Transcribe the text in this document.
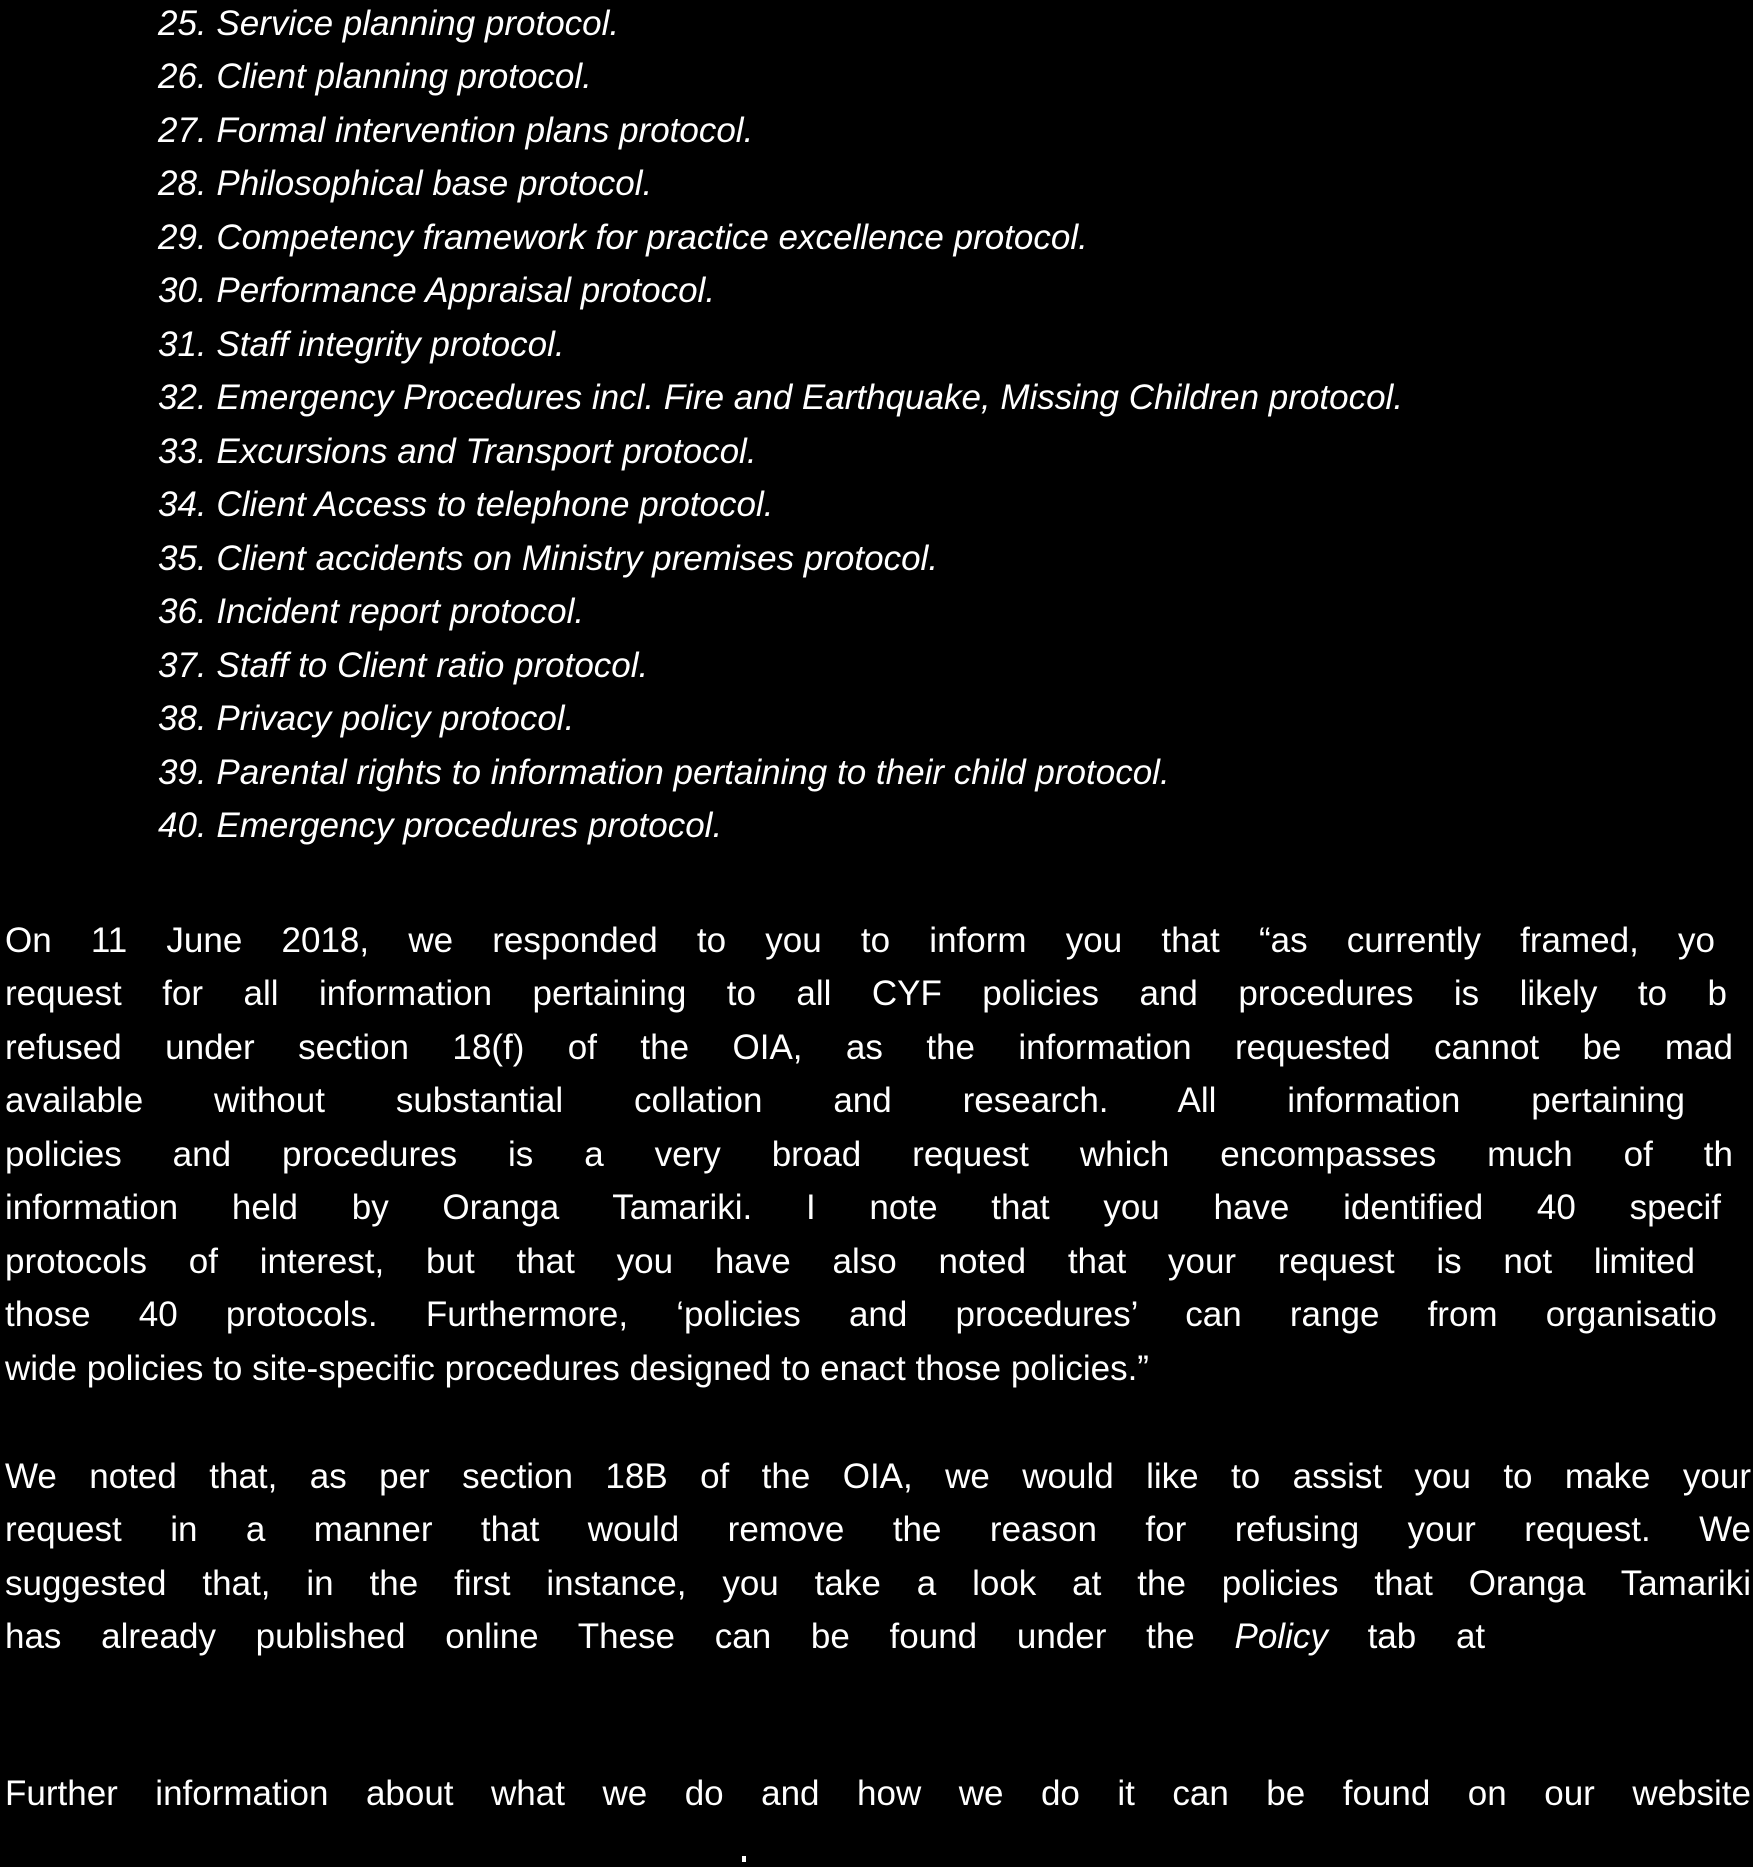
25. Service planning protocol.
26. Client planning protocol.
27. Formal intervention plans protocol.
28. Philosophical base protocol.
29. Competency framework for practice excellence protocol.
30. Performance Appraisal protocol.
31. Staff integrity protocol.
32. Emergency Procedures incl. Fire and Earthquake, Missing Children protocol.
33. Excursions and Transport protocol.
34. Client Access to telephone protocol.
35. Client accidents on Ministry premises protocol.
36. Incident report protocol.
37. Staff to Client ratio protocol.
38. Privacy policy protocol.
39. Parental rights to information pertaining to their child protocol.
40. Emergency procedures protocol.
On 11 June 2018, we responded to you to inform you that “as currently framed, yo
request for all information pertaining to all CYF policies and procedures is likely to b
refused under section 18(f) of the OIA, as the information requested cannot be mad
available without substantial collation and research. All information pertaining
policies and procedures is a very broad request which encompasses much of th
information held by Oranga Tamariki. I note that you have identified 40 specif
protocols of interest, but that you have also noted that your request is not limited
those 40 protocols. Furthermore, ‘policies and procedures’ can range from organisatio
wide policies to site-specific procedures designed to enact those policies.”
We noted that, as per section 18B of the OIA, we would like to assist you to make your
request in a manner that would remove the reason for refusing your request. We
suggested that, in the first instance, you take a look at the policies that Oranga Tamariki
has already published online These can be found under the Policy tab at
Further information about what we do and how we do it can be found on our website
